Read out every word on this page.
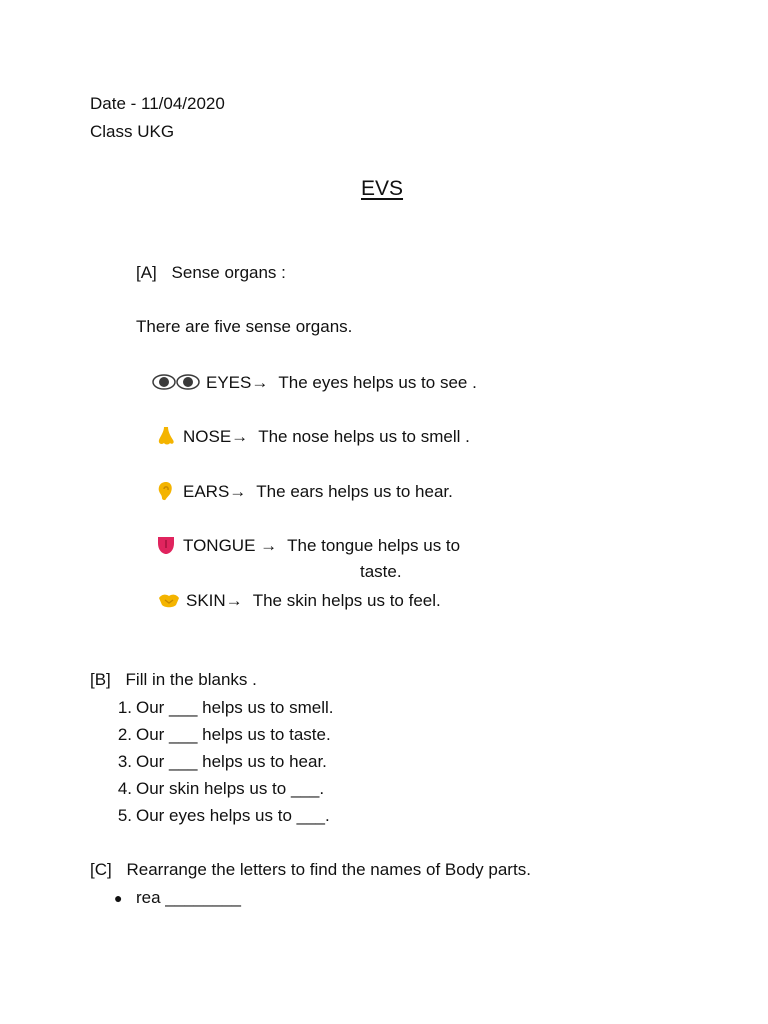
Date - 11/04/2020
Class UKG
EVS
[A] Sense organs :
There are five sense organs.
EYES→ The eyes helps us to see .
NOSE→ The nose helps us to smell .
EARS→ The ears helps us to hear.
TONGUE → The tongue helps us to
taste.
SKIN→ The skin helps us to feel.
[B] Fill in the blanks .
1. Our ___ helps us to smell.
2. Our ___ helps us to taste.
3. Our ___ helps us to hear.
4. Our skin helps us to ___.
5. Our eyes helps us to ___.
[C] Rearrange the letters to find the names of Body parts.
● rea ________
